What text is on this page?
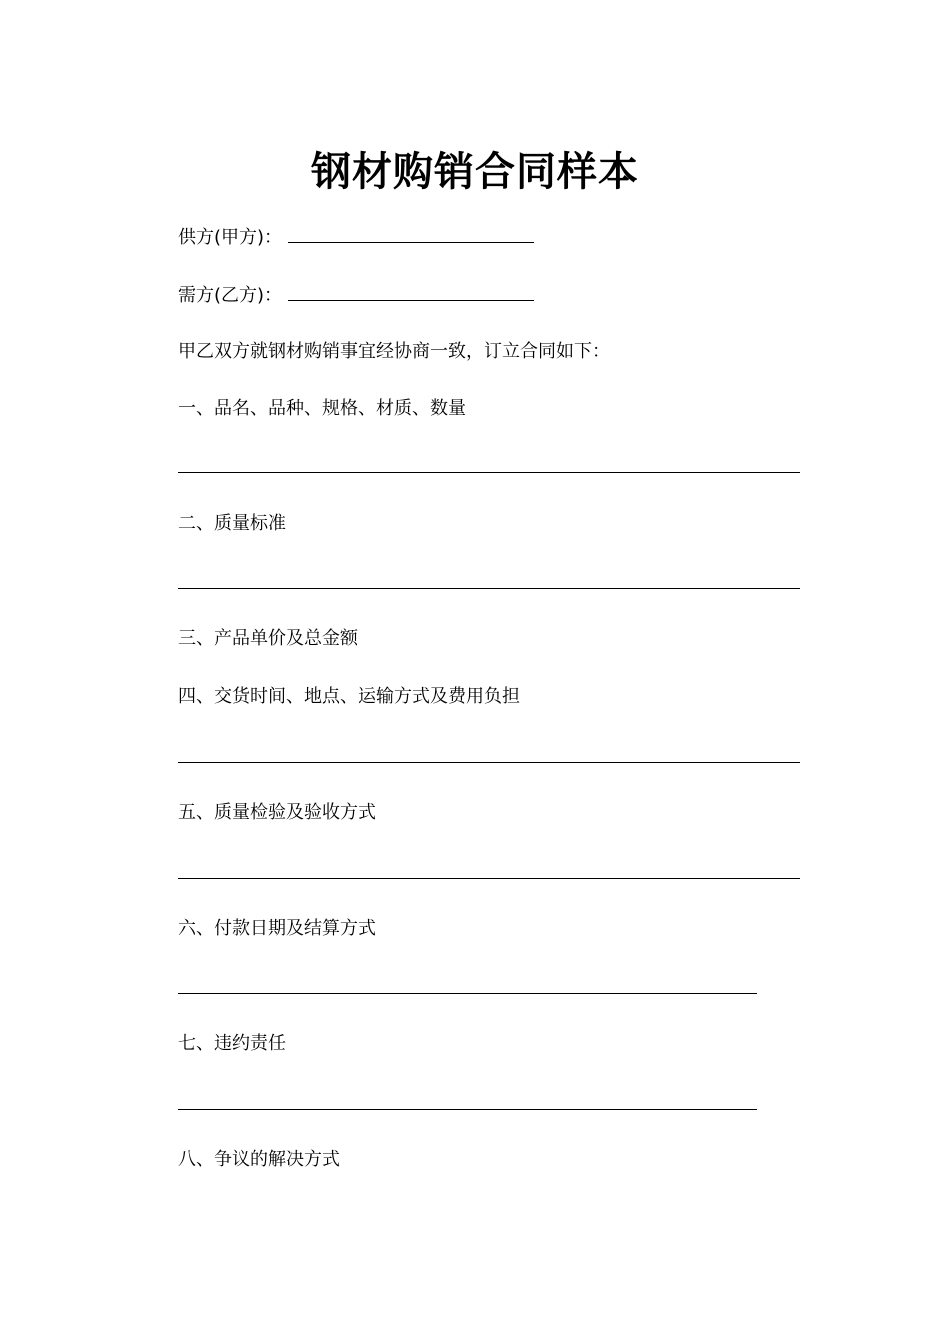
钢材购销合同样本
供方(甲方)：
需方(乙方)：
甲乙双方就钢材购销事宜经协商一致，订立合同如下：
一、品名、品种、规格、材质、数量
二、质量标准
三、产品单价及总金额
四、交货时间、地点、运输方式及费用负担
五、质量检验及验收方式
六、付款日期及结算方式
七、违约责任
八、争议的解决方式
